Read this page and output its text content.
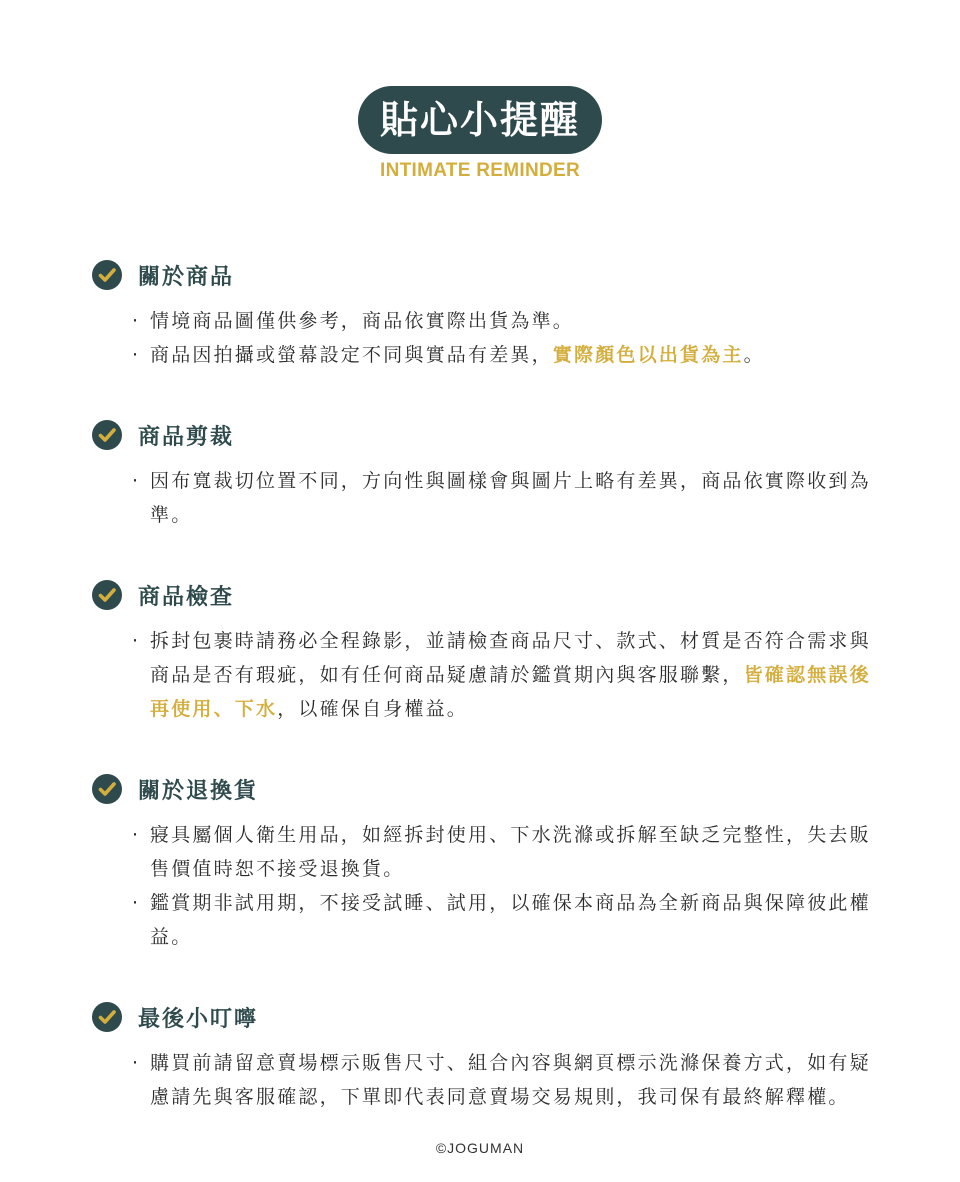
貼心小提醒
INTIMATE REMINDER
關於商品
· 情境商品圖僅供參考，商品依實際出貨為準。
· 商品因拍攝或螢幕設定不同與實品有差異，實際顏色以出貨為主。
商品剪裁
· 因布寬裁切位置不同，方向性與圖樣會與圖片上略有差異，商品依實際收到為準。
商品檢查
· 拆封包裹時請務必全程錄影，並請檢查商品尺寸、款式、材質是否符合需求與商品是否有瑕疵，如有任何商品疑慮請於鑑賞期內與客服聯繫，皆確認無誤後再使用、下水，以確保自身權益。
關於退換貨
· 寢具屬個人衛生用品，如經拆封使用、下水洗滌或拆解至缺乏完整性，失去販售價值時恕不接受退換貨。
· 鑑賞期非試用期，不接受試睡、試用，以確保本商品為全新商品與保障彼此權益。
最後小叮嚀
· 購買前請留意賣場標示販售尺寸、組合內容與網頁標示洗滌保養方式，如有疑慮請先與客服確認，下單即代表同意賣場交易規則，我司保有最終解釋權。
©JOGUMAN
